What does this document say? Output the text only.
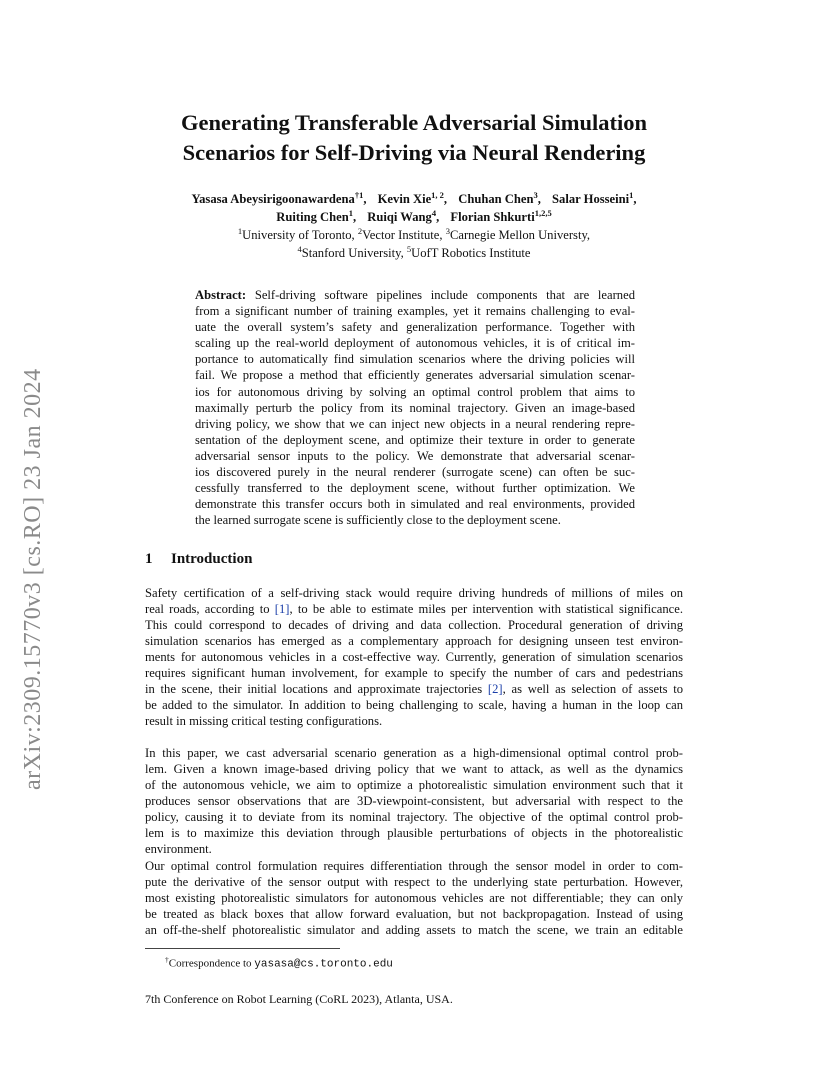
arXiv:2309.15770v3 [cs.RO] 23 Jan 2024
Generating Transferable Adversarial Simulation
Scenarios for Self-Driving via Neural Rendering
Yasasa Abeysirigoonawardena$^{\dagger 1}$, Kevin Xie$^{1, 2}$, Chuhan Chen$^3$, Salar Hosseini$^1$,
Ruiting Chen$^1$, Ruiqi Wang$^4$, Florian Shkurti$^{1,2,5}$
$^1$University of Toronto, $^2$Vector Institute, $^3$Carnegie Mellon Universty,
$^4$Stanford University, $^5$UofT Robotics Institute
Abstract: Self-driving software pipelines include components that are learned
from a significant number of training examples, yet it remains challenging to eval-
uate the overall system’s safety and generalization performance. Together with
scaling up the real-world deployment of autonomous vehicles, it is of critical im-
portance to automatically find simulation scenarios where the driving policies will
fail. We propose a method that efficiently generates adversarial simulation scenar-
ios for autonomous driving by solving an optimal control problem that aims to
maximally perturb the policy from its nominal trajectory. Given an image-based
driving policy, we show that we can inject new objects in a neural rendering repre-
sentation of the deployment scene, and optimize their texture in order to generate
adversarial sensor inputs to the policy. We demonstrate that adversarial scenar-
ios discovered purely in the neural renderer (surrogate scene) can often be suc-
cessfully transferred to the deployment scene, without further optimization. We
demonstrate this transfer occurs both in simulated and real environments, provided
the learned surrogate scene is sufficiently close to the deployment scene.
1 Introduction
Safety certification of a self-driving stack would require driving hundreds of millions of miles on
real roads, according to [1], to be able to estimate miles per intervention with statistical significance.
This could correspond to decades of driving and data collection. Procedural generation of driving
simulation scenarios has emerged as a complementary approach for designing unseen test environ-
ments for autonomous vehicles in a cost-effective way. Currently, generation of simulation scenarios
requires significant human involvement, for example to specify the number of cars and pedestrians
in the scene, their initial locations and approximate trajectories [2], as well as selection of assets to
be added to the simulator. In addition to being challenging to scale, having a human in the loop can
result in missing critical testing configurations.
In this paper, we cast adversarial scenario generation as a high-dimensional optimal control prob-
lem. Given a known image-based driving policy that we want to attack, as well as the dynamics
of the autonomous vehicle, we aim to optimize a photorealistic simulation environment such that it
produces sensor observations that are 3D-viewpoint-consistent, but adversarial with respect to the
policy, causing it to deviate from its nominal trajectory. The objective of the optimal control prob-
lem is to maximize this deviation through plausible perturbations of objects in the photorealistic
environment.
Our optimal control formulation requires differentiation through the sensor model in order to com-
pute the derivative of the sensor output with respect to the underlying state perturbation. However,
most existing photorealistic simulators for autonomous vehicles are not differentiable; they can only
be treated as black boxes that allow forward evaluation, but not backpropagation. Instead of using
an off-the-shelf photorealistic simulator and adding assets to match the scene, we train an editable
†Correspondence to yasasa@cs.toronto.edu
7th Conference on Robot Learning (CoRL 2023), Atlanta, USA.
